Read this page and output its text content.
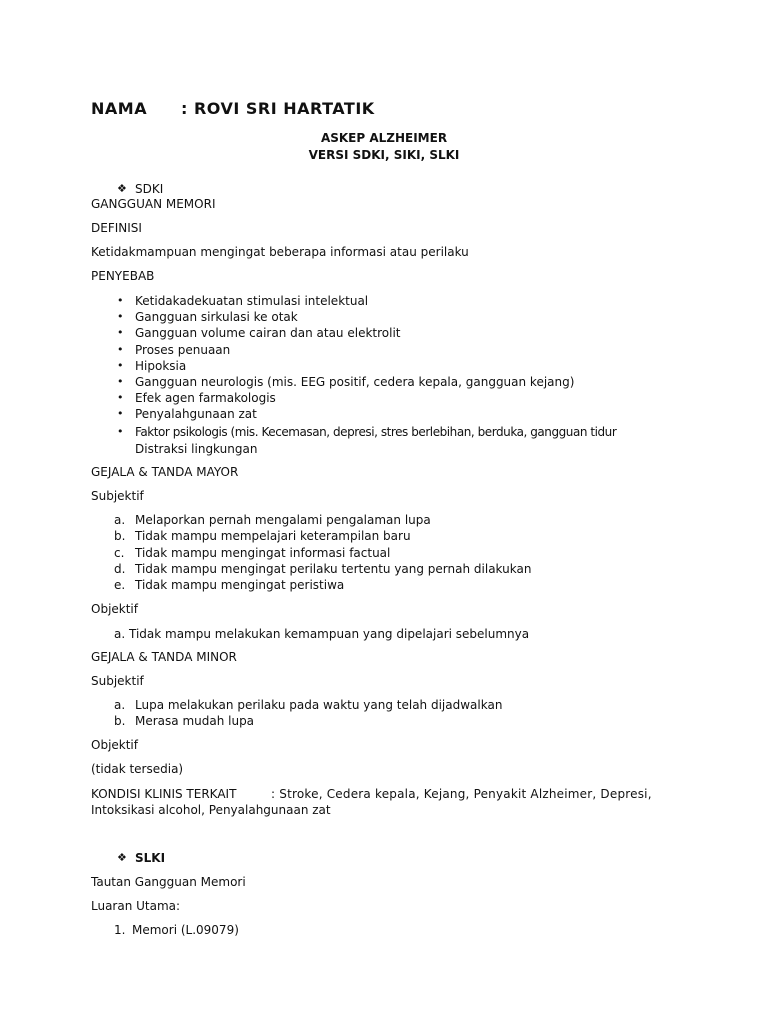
NAMA : ROVI SRI HARTATIK
ASKEP ALZHEIMER
VERSI SDKI, SIKI, SLKI
❖ SDKI
GANGGUAN MEMORI
DEFINISI
Ketidakmampuan mengingat beberapa informasi atau perilaku
PENYEBAB
• Ketidakadekuatan stimulasi intelektual
• Gangguan sirkulasi ke otak
• Gangguan volume cairan dan atau elektrolit
• Proses penuaan
• Hipoksia
• Gangguan neurologis (mis. EEG positif, cedera kepala, gangguan kejang)
• Efek agen farmakologis
• Penyalahgunaan zat
• Faktor psikologis (mis. Kecemasan, depresi, stres berlebihan, berduka, gangguan tidur
Distraksi lingkungan
GEJALA & TANDA MAYOR
Subjektif
a. Melaporkan pernah mengalami pengalaman lupa
b. Tidak mampu mempelajari keterampilan baru
c. Tidak mampu mengingat informasi factual
d. Tidak mampu mengingat perilaku tertentu yang pernah dilakukan
e. Tidak mampu mengingat peristiwa
Objektif
a. Tidak mampu melakukan kemampuan yang dipelajari sebelumnya
GEJALA & TANDA MINOR
Subjektif
a. Lupa melakukan perilaku pada waktu yang telah dijadwalkan
b. Merasa mudah lupa
Objektif
(tidak tersedia)
KONDISI KLINIS TERKAIT	: Stroke, Cedera kepala, Kejang, Penyakit Alzheimer, Depresi,
Intoksikasi alcohol, Penyalahgunaan zat
❖ SLKI
Tautan Gangguan Memori
Luaran Utama:
1. Memori (L.09079)
